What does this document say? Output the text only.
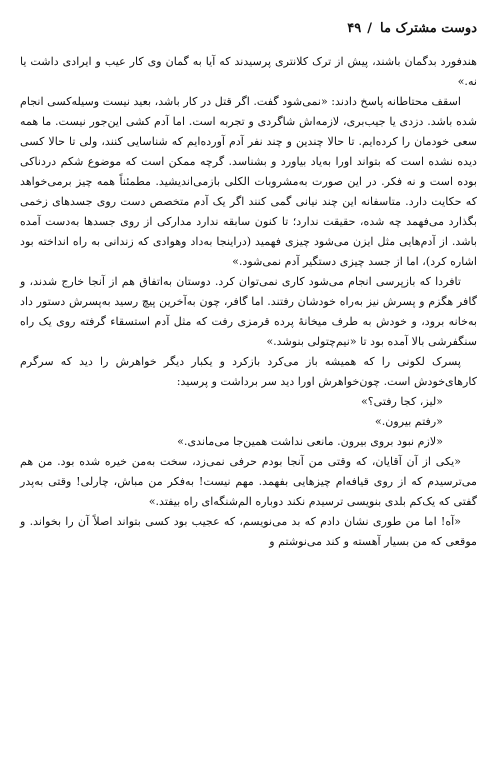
دوست مشترک ما
/
۴۹

هندفورد بدگمان باشند، پیش از ترک کلانتری پرسیدند که آیا به گمان وی کار عیب و ایرادی داشت یا نه.»

اسقف محتاطانه پاسخ دادند: «نمی‌شود گفت. اگر قتل در کار باشد، بعید نیست وسیله‌کسی انجام شده باشد. دزدی یا جیب‌بری، لازمه‌اش شاگردی و تجربه است. اما آدم کشی این‌جور نیست. ما همه سعی خودمان را کرده‌ایم. تا حالا چندین و چند نفر آدم آورده‌ایم که شناسایی کنند، ولی تا حالا کسی دیده نشده است که بتواند اورا به‌یاد بیاورد و بشناسد. گرچه ممکن است که موضوع شکم دردناکی بوده است و نه فکر. در این صورت به‌مشروبات الکلی بازمی‌اندیشید. مطمئناً همه چیز برمی‌خواهد که حکایت دارد. متاسفانه این چند نیانی گمی کنند اگر یک آدم متخصص دست روی جسدهای زخمی بگذارد می‌فهمد چه شده، حقیقت ندارد؛ تا کنون سابقه ندارد مدارکی از روی جسدها به‌دست آمده باشد. از آدم‌هایی مثل ایزن می‌شود چیزی فهمید (دراینجا به‌داد وهوادی که زندانی به راه انداخته بود اشاره کرد)، اما از جسد چیزی دستگیر آدم نمی‌شود.»

تافردا که بازپرسی انجام می‌شود کاری نمی‌توان کرد. دوستان به‌اتفاق هم از آنجا خارج شدند، و گافر هگزم و پسرش نیز به‌راه خودشان رفتند. اما گافر، چون به‌آخرین پیچ رسید به‌پسرش دستور داد به‌خانه برود، و خودش به طرف میخانهٔ پرده قرمزی رفت که مثل آدم استسقاء گرفته روی یک راه سنگفرشی بالا آمده بود تا «نیم‌چتولی بنوشد.»

پسرک لکونی را که همیشه باز می‌کرد بازکرد و یکبار دیگر خواهرش را دید که سرگرم کارهای‌خودش است. چون‌خواهرش اورا دید سر برداشت و پرسید:

«لیز، کجا رفتی؟»

«رفتم بیرون.»

«لازم نبود بروی بیرون. مانعی نداشت همین‌جا می‌ماندی.»

«یکی از آن آقایان، که وقتی من آنجا بودم حرفی نمی‌زد، سخت به‌من خیره شده بود. من هم می‌ترسیدم که از روی قیافه‌ام چیزهایی بفهمد. مهم نیست! به‌فکر من مباش، چارلی! وقتی به‌پدر گفتی که یک‌کم بلدی بنویسی ترسیدم نکند دوباره الم‌شنگه‌ای راه بیفتد.»

«آه! اما من طوری نشان دادم که بد می‌نویسم، که عجیب بود کسی بتواند اصلاً آن را بخواند. و موقعی که من بسیار آهسته و کند می‌نوشتم و
